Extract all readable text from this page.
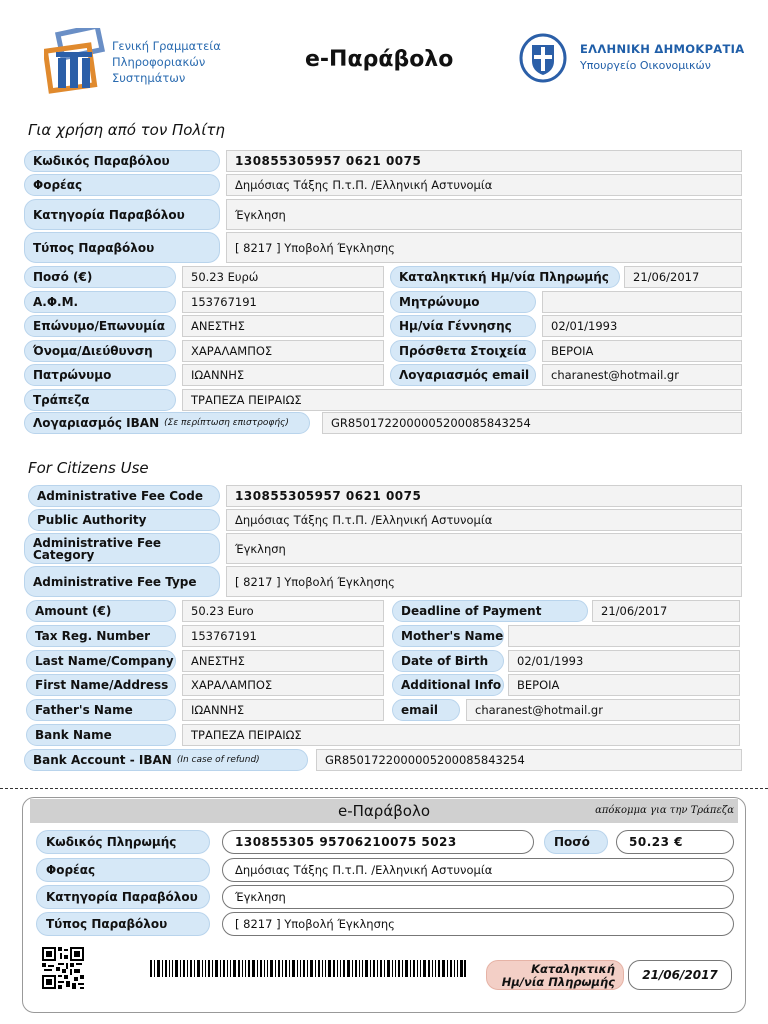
Γενική Γραμματεία
Πληροφοριακών
Συστημάτων
e-Παράβολο	ΕΛΛΗΝΙΚΗ ΔΗΜΟΚΡΑΤΙΑ
Υπουργείο Οικονομικών
Για χρήση από τον Πολίτη
Κωδικός Παραβόλου	130855305957 0621 0075
Φορέας	Δημόσιας Τάξης Π.τ.Π. /Ελληνική Αστυνομία
Κατηγορία Παραβόλου	Έγκληση
Τύπος Παραβόλου	[ 8217 ] Υποβολή Έγκλησης
Ποσό (€)	50.23 Ευρώ	Καταληκτική Ημ/νία Πληρωμής	21/06/2017
Α.Φ.Μ.	153767191	Μητρώνυμο
Επώνυμο/Επωνυμία	ΑΝΕΣΤΗΣ	Ημ/νία Γέννησης	02/01/1993
Όνομα/Διεύθυνση	ΧΑΡΑΛΑΜΠΟΣ	Πρόσθετα Στοιχεία	ΒΕΡΟΙΑ
Πατρώνυμο	ΙΩΑΝΝΗΣ	Λογαριασμός email	charanest@hotmail.gr
Τράπεζα	ΤΡΑΠΕΖΑ ΠΕΙΡΑΙΩΣ
Λογαριασμός IBAN (Σε περίπτωση επιστροφής)	GR8501722000005200085843254
For Citizens Use
Administrative Fee Code	130855305957 0621 0075
Public Authority	Δημόσιας Τάξης Π.τ.Π. /Ελληνική Αστυνομία
Administrative Fee Category	Έγκληση
Administrative Fee Type	[ 8217 ] Υποβολή Έγκλησης
Amount (€)	50.23 Euro	Deadline of Payment	21/06/2017
Tax Reg. Number	153767191	Mother's Name
Last Name/Company	ΑΝΕΣΤΗΣ	Date of Birth	02/01/1993
First Name/Address	ΧΑΡΑΛΑΜΠΟΣ	Additional Info	ΒΕΡΟΙΑ
Father's Name	ΙΩΑΝΝΗΣ	email	charanest@hotmail.gr
Bank Name	ΤΡΑΠΕΖΑ ΠΕΙΡΑΙΩΣ
Bank Account - IBAN (In case of refund)	GR8501722000005200085843254
e-Παράβολο	απόκομμα για την Τράπεζα
Κωδικός Πληρωμής	130855305 95706210075 5023	Ποσό	50.23 €
Φορέας	Δημόσιας Τάξης Π.τ.Π. /Ελληνική Αστυνομία
Κατηγορία Παραβόλου	Έγκληση
Τύπος Παραβόλου	[ 8217 ] Υποβολή Έγκλησης
Καταληκτική
Ημ/νία Πληρωμής	21/06/2017
